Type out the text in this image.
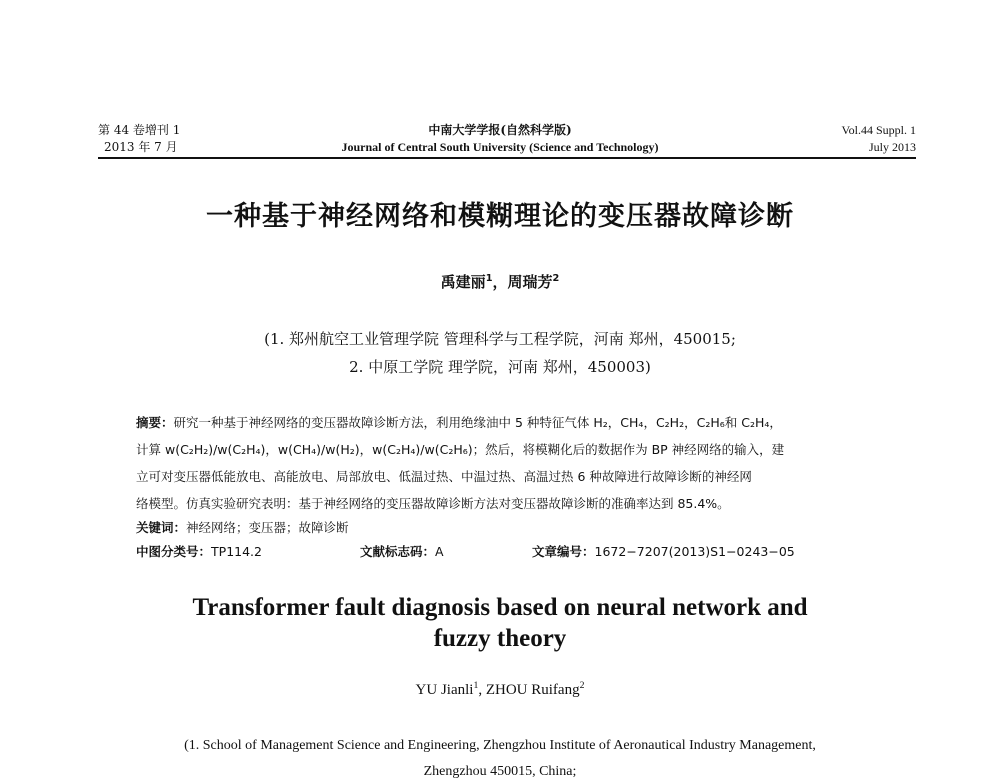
第 44 卷增刊 1
2013 年 7 月
中南大学学报(自然科学版)
Journal of Central South University (Science and Technology)
Vol.44 Suppl. 1
July 2013
一种基于神经网络和模糊理论的变压器故障诊断
禹建丽$^1$，周瑞芳$^2$
(1. 郑州航空工业管理学院 管理科学与工程学院，河南 郑州，450015;
2. 中原工学院 理学院，河南 郑州，450003)
摘要：研究一种基于神经网络的变压器故障诊断方法，利用绝缘油中 5 种特征气体 H₂，CH₄，C₂H₂，C₂H₆和 C₂H₄，
计算 w(C₂H₂)/w(C₂H₄)，w(CH₄)/w(H₂)，w(C₂H₄)/w(C₂H₆)；然后，将模糊化后的数据作为 BP 神经网络的输入，建
立可对变压器低能放电、高能放电、局部放电、低温过热、中温过热、高温过热 6 种故障进行故障诊断的神经网
络模型。仿真实验研究表明：基于神经网络的变压器故障诊断方法对变压器故障诊断的准确率达到 85.4%。
关键词：神经网络；变压器；故障诊断
中图分类号：TP114.2	文献标志码：A	文章编号：1672−7207(2013)S1−0243−05
Transformer fault diagnosis based on neural network and
fuzzy theory
YU Jianli$^1$, ZHOU Ruifang$^2$
(1. School of Management Science and Engineering, Zhengzhou Institute of Aeronautical Industry Management,
Zhengzhou 450015, China;
